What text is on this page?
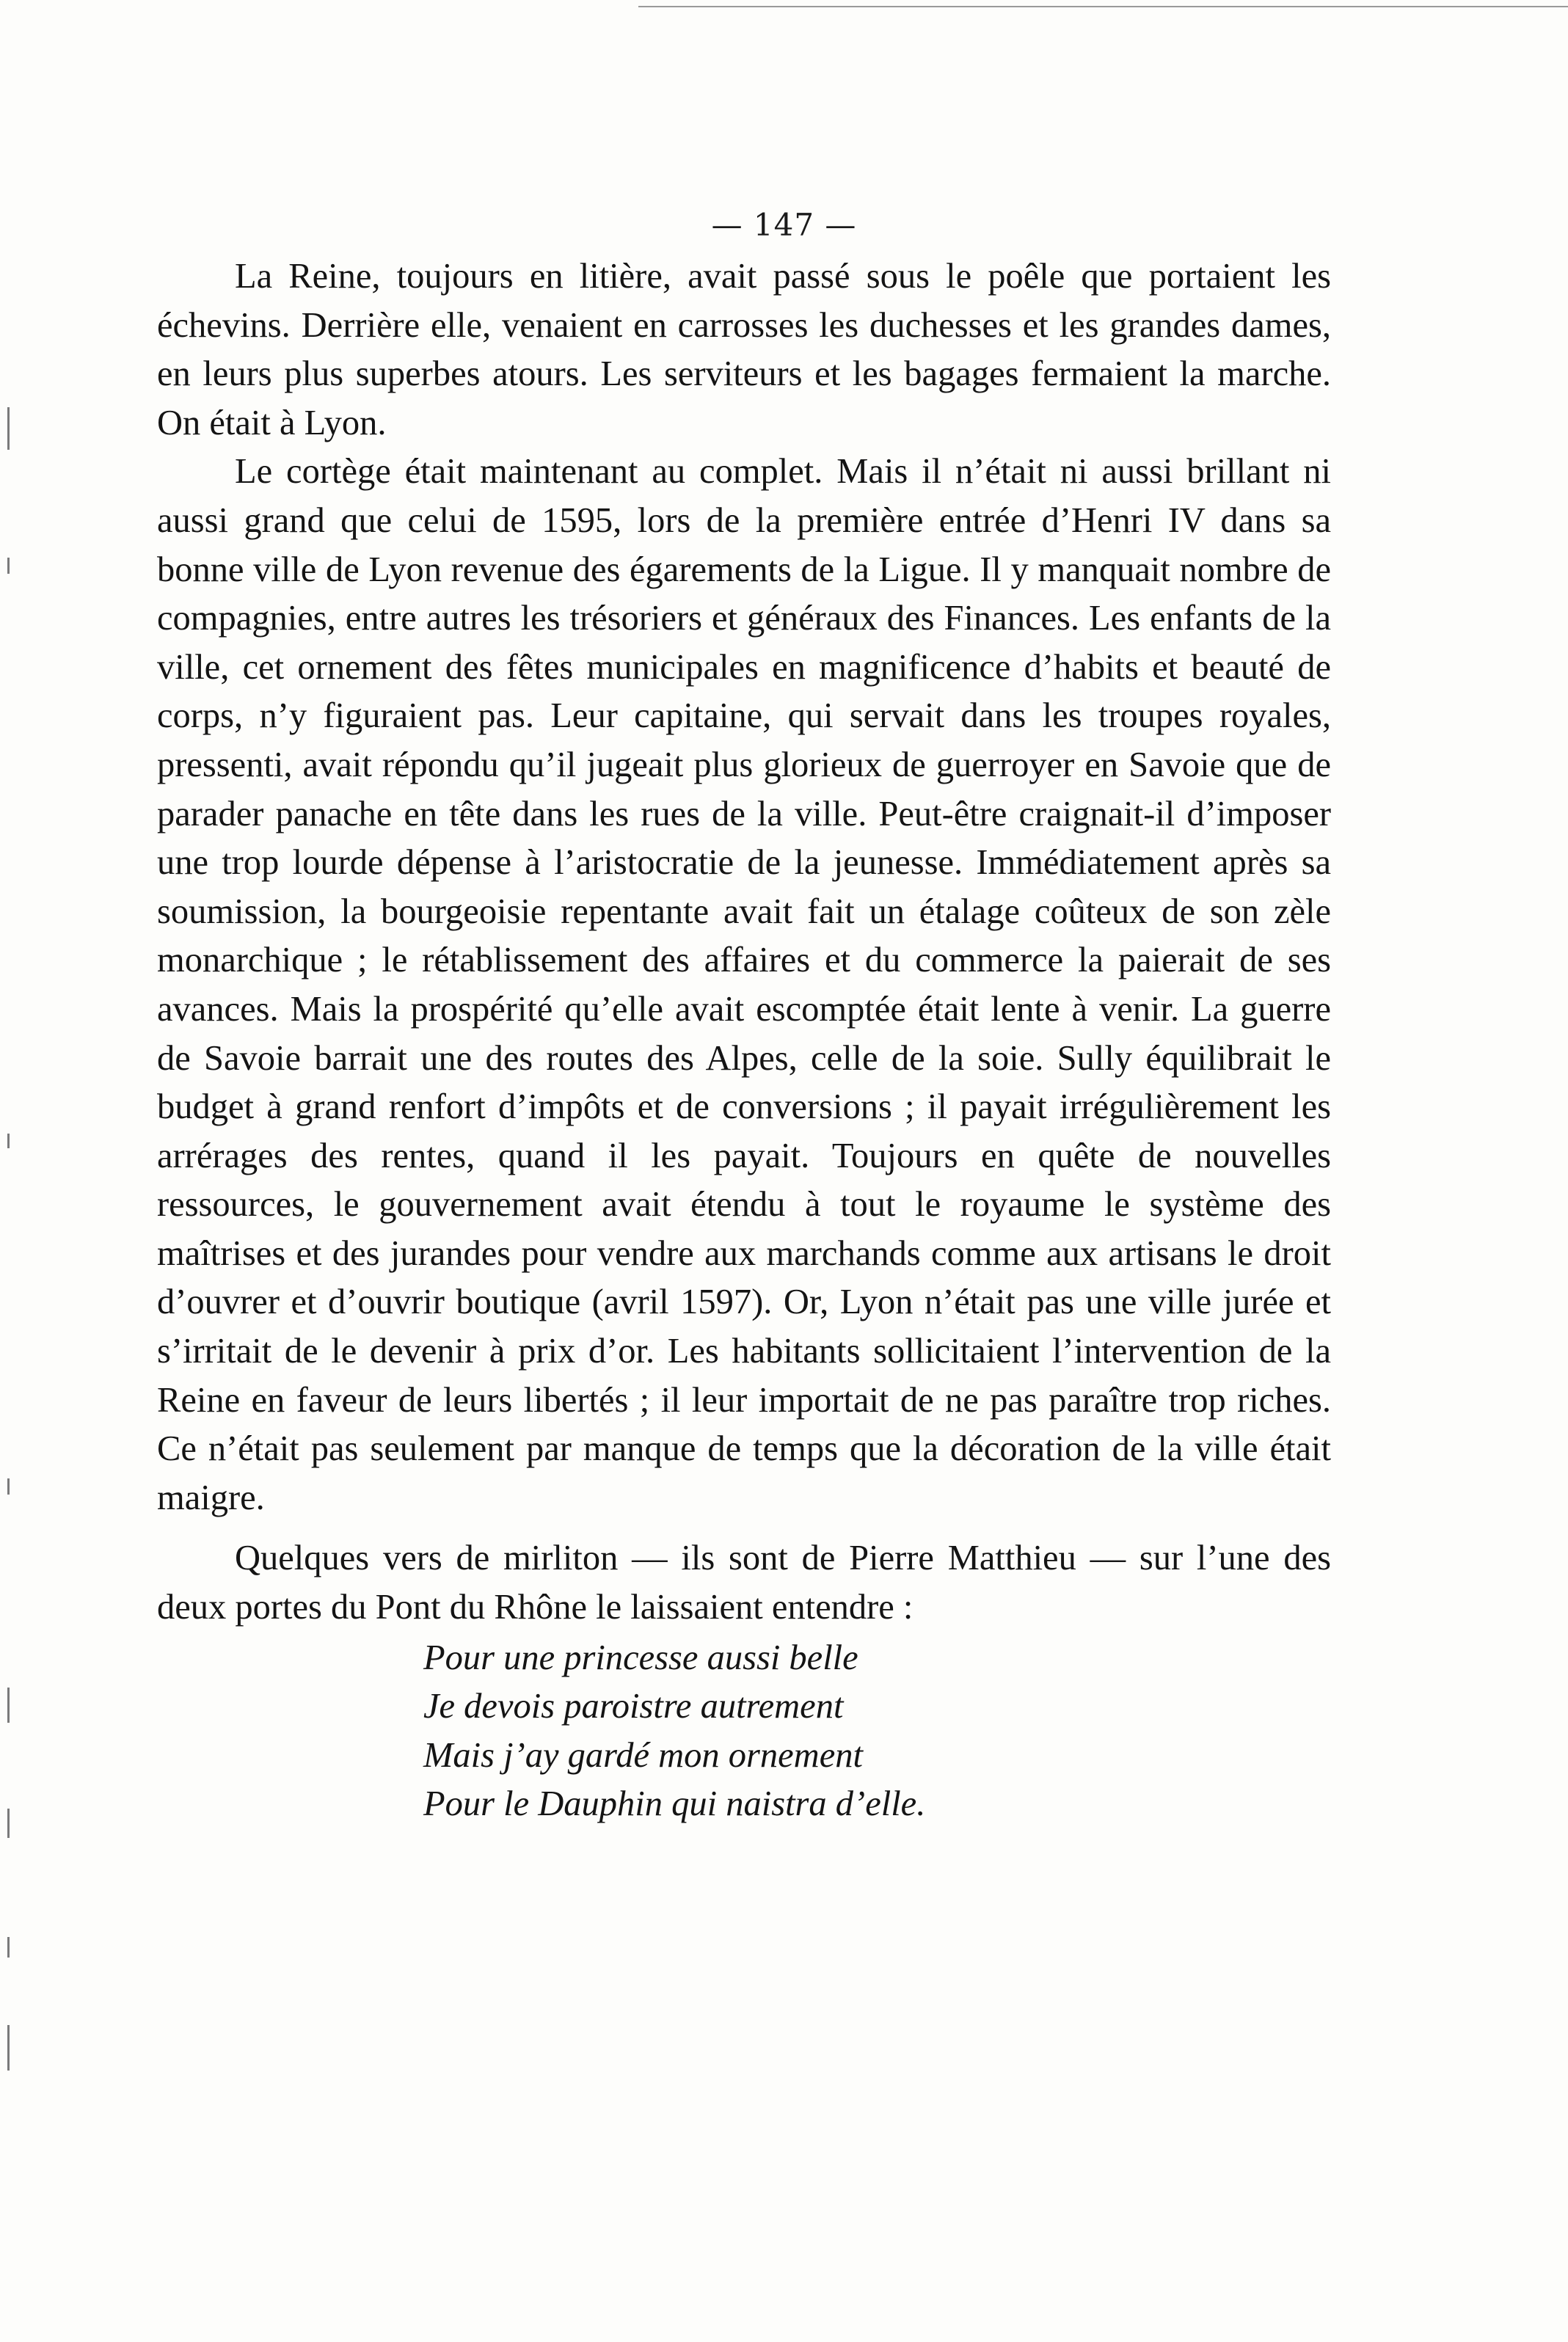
— 147 —

La Reine, toujours en litière, avait passé sous le poêle que portaient les échevins. Derrière elle, venaient en carrosses les duchesses et les grandes dames, en leurs plus superbes atours. Les serviteurs et les bagages fermaient la marche. On était à Lyon.

Le cortège était maintenant au complet. Mais il n’était ni aussi brillant ni aussi grand que celui de 1595, lors de la première entrée d’Henri IV dans sa bonne ville de Lyon revenue des égarements de la Ligue. Il y manquait nombre de compagnies, entre autres les trésoriers et généraux des Finances. Les enfants de la ville, cet ornement des fêtes municipales en magnificence d’habits et beauté de corps, n’y figuraient pas. Leur capitaine, qui servait dans les troupes royales, pressenti, avait répondu qu’il jugeait plus glorieux de guerroyer en Savoie que de parader panache en tête dans les rues de la ville. Peut-être craignait-il d’imposer une trop lourde dépense à l’aristocratie de la jeunesse. Immédiatement après sa soumission, la bourgeoisie repentante avait fait un étalage coûteux de son zèle monarchique ; le rétablissement des affaires et du commerce la paierait de ses avances. Mais la prospérité qu’elle avait escomptée était lente à venir. La guerre de Savoie barrait une des routes des Alpes, celle de la soie. Sully équilibrait le budget à grand renfort d’impôts et de conversions ; il payait irrégulièrement les arrérages des rentes, quand il les payait. Toujours en quête de nouvelles ressources, le gouvernement avait étendu à tout le royaume le système des maîtrises et des jurandes pour vendre aux marchands comme aux artisans le droit d’ouvrer et d’ouvrir boutique (avril 1597). Or, Lyon n’était pas une ville jurée et s’irritait de le devenir à prix d’or. Les habitants sollicitaient l’intervention de la Reine en faveur de leurs libertés ; il leur importait de ne pas paraître trop riches. Ce n’était pas seulement par manque de temps que la décoration de la ville était maigre.

Quelques vers de mirliton — ils sont de Pierre Matthieu — sur l’une des deux portes du Pont du Rhône le laissaient entendre :

Pour une princesse aussi belle
Je devois paroistre autrement
Mais j’ay gardé mon ornement
Pour le Dauphin qui naistra d’elle.
